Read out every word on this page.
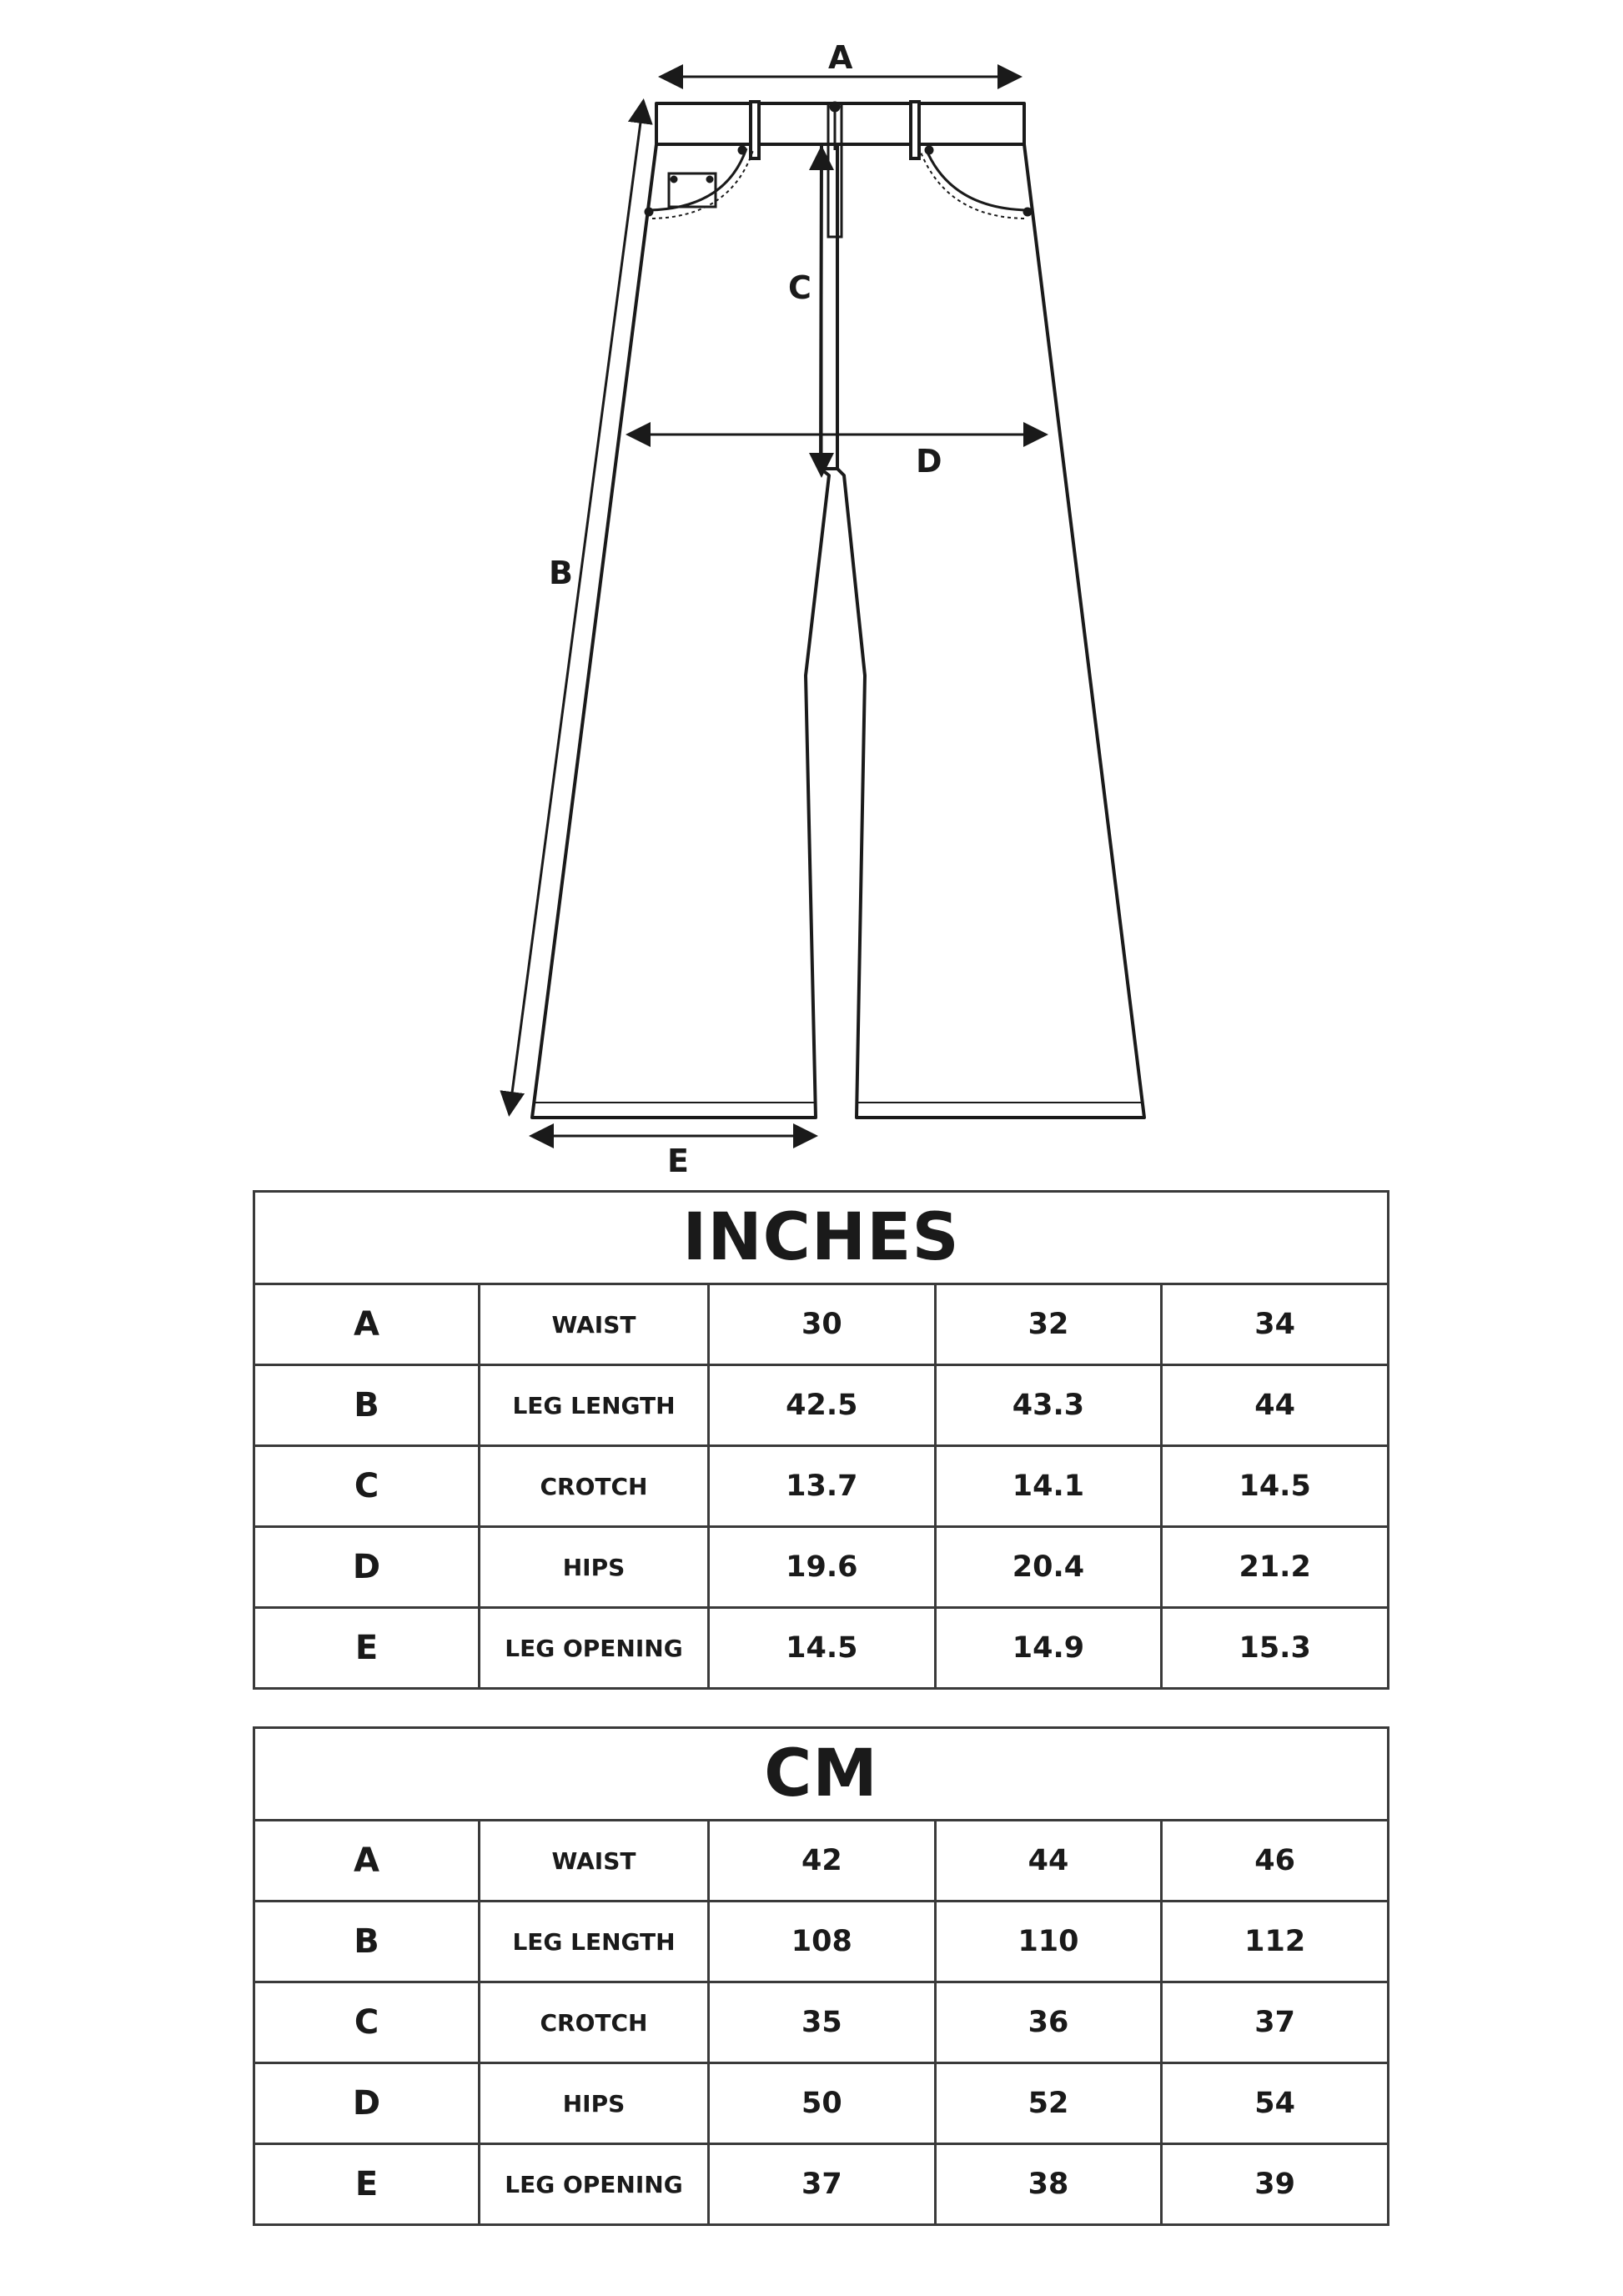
A
B
C
D
E
INCHES				
A	WAIST	30	32	34
B	LEG LENGTH	42.5	43.3	44
C	CROTCH	13.7	14.1	14.5
D	HIPS	19.6	20.4	21.2
E	LEG OPENING	14.5	14.9	15.3
CM				
A	WAIST	42	44	46
B	LEG LENGTH	108	110	112
C	CROTCH	35	36	37
D	HIPS	50	52	54
E	LEG OPENING	37	38	39
